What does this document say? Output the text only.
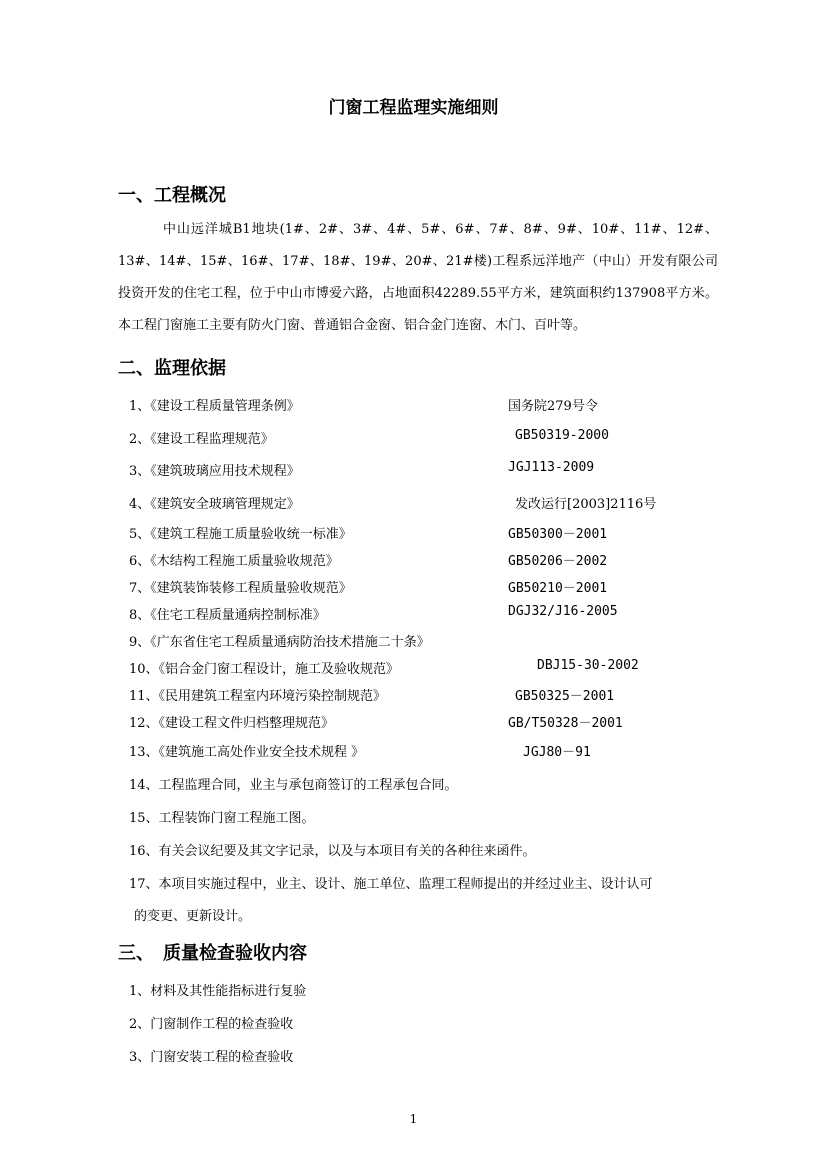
门窗工程监理实施细则
一、工程概况
中山远洋城B1地块(1#、2#、3#、4#、5#、6#、7#、8#、9#、10#、11#、12#、13#、14#、15#、16#、17#、18#、19#、20#、21#楼)工程系远洋地产（中山）开发有限公司投资开发的住宅工程，位于中山市博爱六路，占地面积42289.55平方米，建筑面积约137908平方米。本工程门窗施工主要有防火门窗、普通铝合金窗、铝合金门连窗、木门、百叶等。
二、监理依据
1、《建设工程质量管理条例》	国务院279号令
2、《建设工程监理规范》	GB50319-2000
3、《建筑玻璃应用技术规程》	JGJ113-2009
4、《建筑安全玻璃管理规定》	发改运行[2003]2116号
5、《建筑工程施工质量验收统一标准》	GB50300－2001
6、《木结构工程施工质量验收规范》	GB50206－2002
7、《建筑装饰装修工程质量验收规范》	GB50210－2001
8、《住宅工程质量通病控制标准》	DGJ32/J16-2005
9、《广东省住宅工程质量通病防治技术措施二十条》
10、《铝合金门窗工程设计，施工及验收规范》	DBJ15-30-2002
11、《民用建筑工程室内环境污染控制规范》	GB50325－2001
12、《建设工程文件归档整理规范》	GB/T50328－2001
13、《建筑施工高处作业安全技术规程 》	JGJ80－91
14、工程监理合同，业主与承包商签订的工程承包合同。
15、工程装饰门窗工程施工图。
16、有关会议纪要及其文字记录，以及与本项目有关的各种往来函件。
17、本项目实施过程中，业主、设计、施工单位、监理工程师提出的并经过业主、设计认可
的变更、更新设计。
三、　质量检查验收内容
1、材料及其性能指标进行复验
2、门窗制作工程的检查验收
3、门窗安装工程的检查验收
1
